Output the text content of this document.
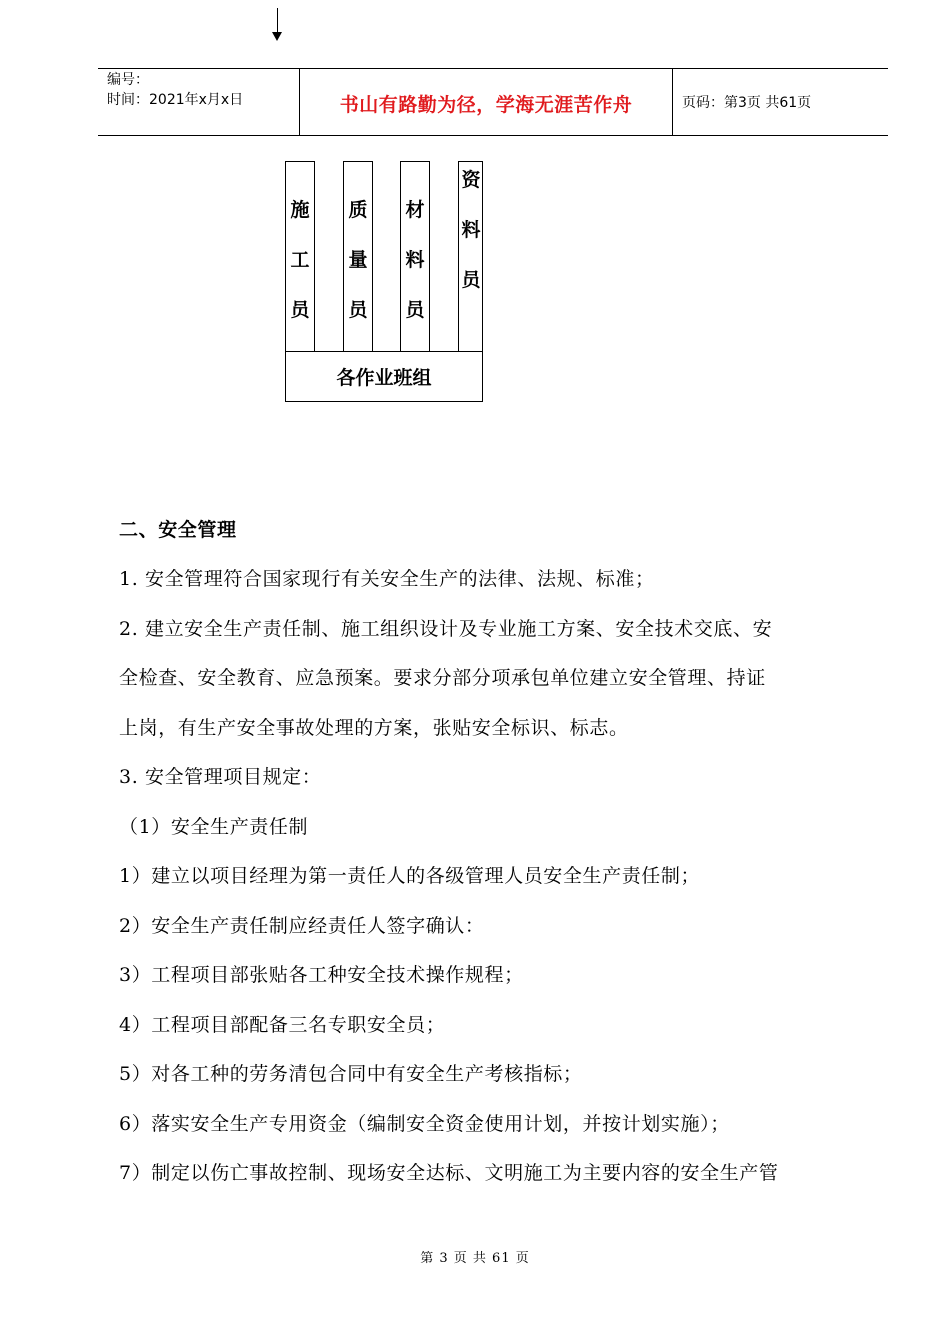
编号：
时间：2021年x月x日	书山有路勤为径，学海无涯苦作舟	页码：第3页 共61页
施
工
员
质
量
员
材
料
员
资
料
员
各作业班组
二、安全管理
1. 安全管理符合国家现行有关安全生产的法律、法规、标准；
2. 建立安全生产责任制、施工组织设计及专业施工方案、安全技术交底、安
全检查、安全教育、应急预案。要求分部分项承包单位建立安全管理、持证
上岗，有生产安全事故处理的方案，张贴安全标识、标志。
3. 安全管理项目规定：
（1）安全生产责任制
1）建立以项目经理为第一责任人的各级管理人员安全生产责任制；
2）安全生产责任制应经责任人签字确认：
3）工程项目部张贴各工种安全技术操作规程；
4）工程项目部配备三名专职安全员；
5）对各工种的劳务清包合同中有安全生产考核指标；
6）落实安全生产专用资金（编制安全资金使用计划，并按计划实施）；
7）制定以伤亡事故控制、现场安全达标、文明施工为主要内容的安全生产管
第 3 页 共 61 页
